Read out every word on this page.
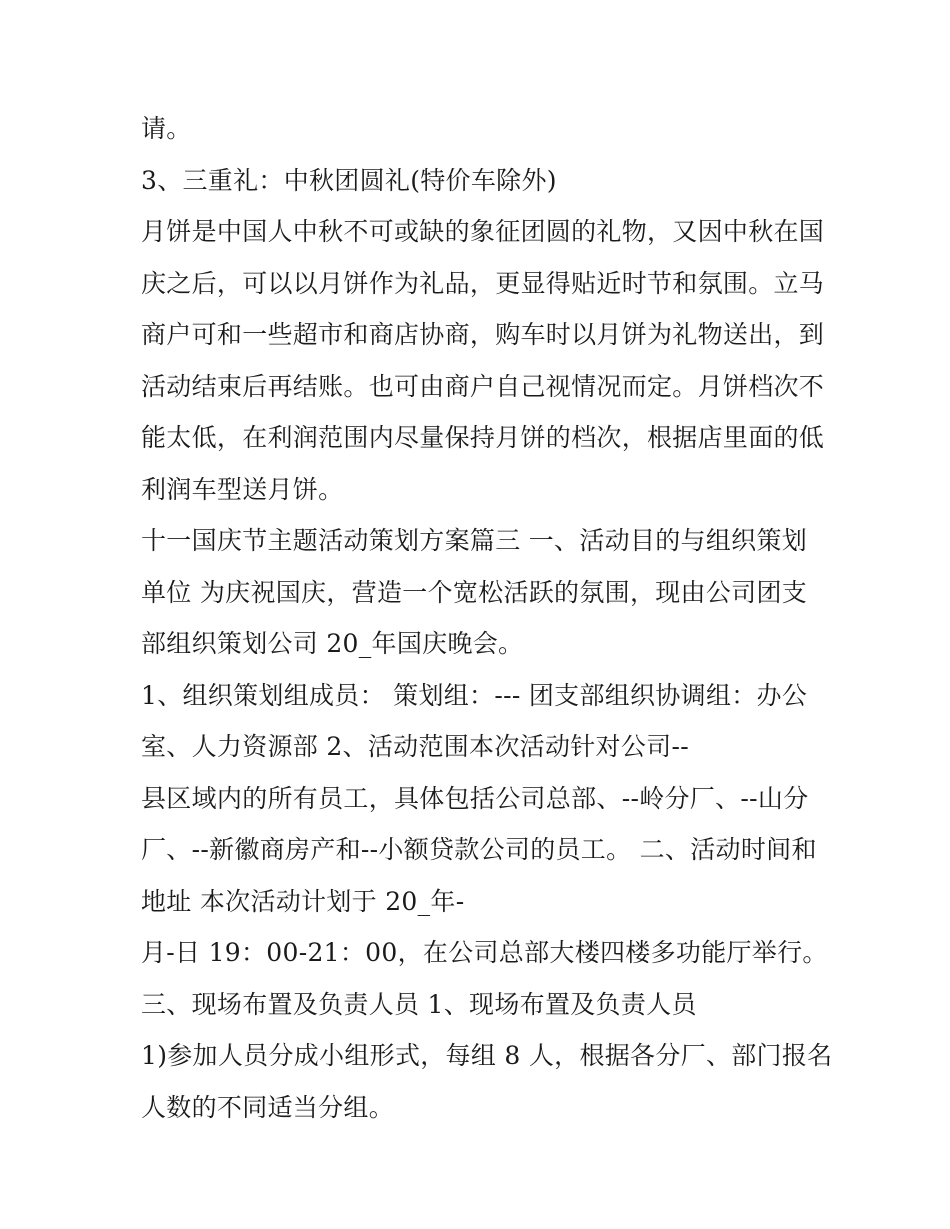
请。
3、三重礼：中秋团圆礼(特价车除外)
月饼是中国人中秋不可或缺的象征团圆的礼物，又因中秋在国
庆之后，可以以月饼作为礼品，更显得贴近时节和氛围。立马
商户可和一些超市和商店协商，购车时以月饼为礼物送出，到
活动结束后再结账。也可由商户自己视情况而定。月饼档次不
能太低，在利润范围内尽量保持月饼的档次，根据店里面的低
利润车型送月饼。
十一国庆节主题活动策划方案篇三 一、活动目的与组织策划
单位 为庆祝国庆，营造一个宽松活跃的氛围，现由公司团支
部组织策划公司 20_年国庆晚会。
1、组织策划组成员： 策划组：--- 团支部组织协调组：办公
室、人力资源部 2、活动范围本次活动针对公司--
县区域内的所有员工，具体包括公司总部、--岭分厂、--山分
厂、--新徽商房产和--小额贷款公司的员工。 二、活动时间和
地址 本次活动计划于 20_年-
月-日 19：00-21：00，在公司总部大楼四楼多功能厅举行。
三、现场布置及负责人员 1、现场布置及负责人员
1)参加人员分成小组形式，每组 8 人，根据各分厂、部门报名
人数的不同适当分组。
